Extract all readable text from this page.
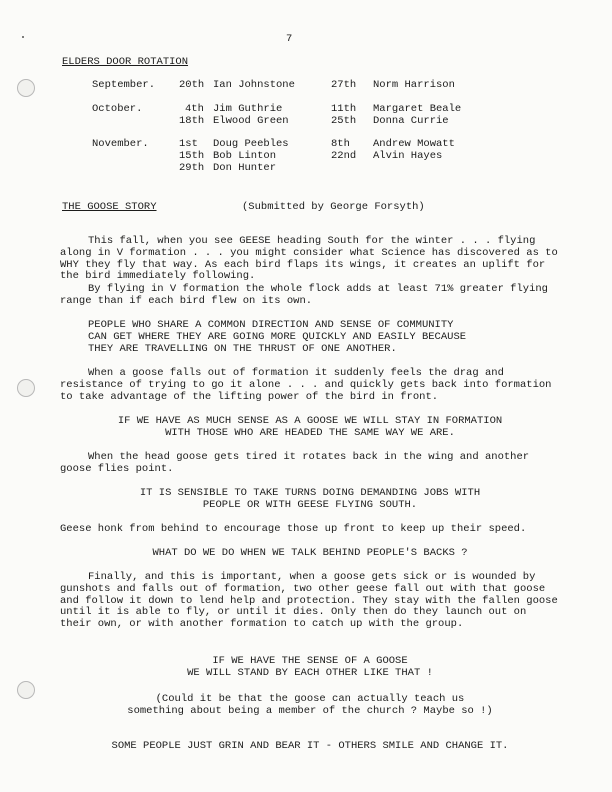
7
ELDERS DOOR ROTATION
September.	20th	Ian Johnstone	27th	Norm Harrison

October.	4th	Jim Guthrie	11th	Margaret Beale
	18th	Elwood Green	25th	Donna Currie

November.	1st	Doug Peebles	8th	Andrew Mowatt
	15th	Bob Linton	22nd	Alvin Hayes
	29th	Don Hunter		
THE GOOSE STORY	(Submitted by George Forsyth)
This fall, when you see GEESE heading South for the winter . . . flying along in V formation . . . you might consider what Science has discovered as to WHY they fly that way. As each bird flaps its wings, it creates an uplift for the bird immediately following.
By flying in V formation the whole flock adds at least 71% greater flying range than if each bird flew on its own.
PEOPLE WHO SHARE A COMMON DIRECTION AND SENSE OF COMMUNITY
CAN GET WHERE THEY ARE GOING MORE QUICKLY AND EASILY BECAUSE
THEY ARE TRAVELLING ON THE THRUST OF ONE ANOTHER.
When a goose falls out of formation it suddenly feels the drag and resistance of trying to go it alone . . . and quickly gets back into formation to take advantage of the lifting power of the bird in front.
IF WE HAVE AS MUCH SENSE AS A GOOSE WE WILL STAY IN FORMATION
WITH THOSE WHO ARE HEADED THE SAME WAY WE ARE.
When the head goose gets tired it rotates back in the wing and another goose flies point.
IT IS SENSIBLE TO TAKE TURNS DOING DEMANDING JOBS WITH
PEOPLE OR WITH GEESE FLYING SOUTH.
Geese honk from behind to encourage those up front to keep up their speed.
WHAT DO WE DO WHEN WE TALK BEHIND PEOPLE'S BACKS ?
Finally, and this is important, when a goose gets sick or is wounded by gunshots and falls out of formation, two other geese fall out with that goose and follow it down to lend help and protection. They stay with the fallen goose until it is able to fly, or until it dies. Only then do they launch out on their own, or with another formation to catch up with the group.
IF WE HAVE THE SENSE OF A GOOSE
WE WILL STAND BY EACH OTHER LIKE THAT !
(Could it be that the goose can actually teach us
something about being a member of the church ? Maybe so !)
SOME PEOPLE JUST GRIN AND BEAR IT - OTHERS SMILE AND CHANGE IT.
